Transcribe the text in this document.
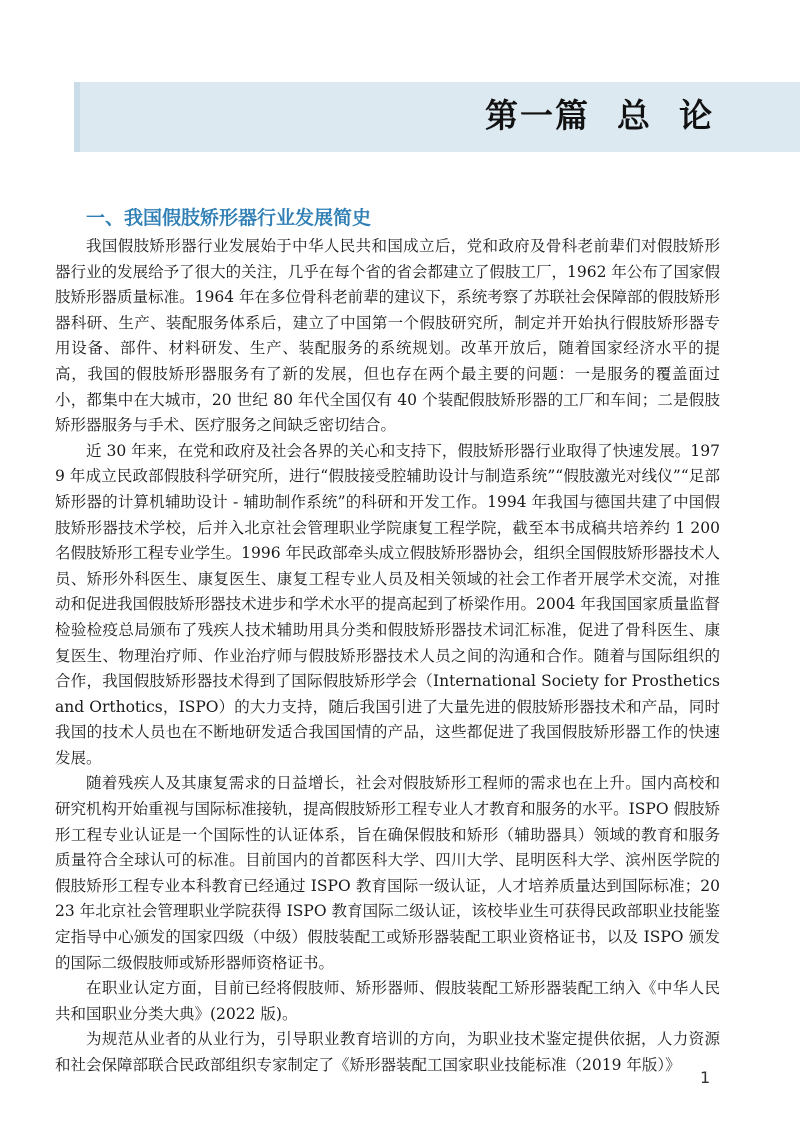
第一篇  总  论
一、我国假肢矫形器行业发展简史

我国假肢矫形器行业发展始于中华人民共和国成立后，党和政府及骨科老前辈们对假肢矫形器行业的发展给予了很大的关注，几乎在每个省的省会都建立了假肢工厂，1962 年公布了国家假肢矫形器质量标准。1964 年在多位骨科老前辈的建议下，系统考察了苏联社会保障部的假肢矫形器科研、生产、装配服务体系后，建立了中国第一个假肢研究所，制定并开始执行假肢矫形器专用设备、部件、材料研发、生产、装配服务的系统规划。改革开放后，随着国家经济水平的提高，我国的假肢矫形器服务有了新的发展，但也存在两个最主要的问题：一是服务的覆盖面过小，都集中在大城市，20 世纪 80 年代全国仅有 40 个装配假肢矫形器的工厂和车间；二是假肢矫形器服务与手术、医疗服务之间缺乏密切结合。

近 30 年来，在党和政府及社会各界的关心和支持下，假肢矫形器行业取得了快速发展。1979 年成立民政部假肢科学研究所，进行“假肢接受腔辅助设计与制造系统”“假肢激光对线仪”“足部矫形器的计算机辅助设计 - 辅助制作系统”的科研和开发工作。1994 年我国与德国共建了中国假肢矫形器技术学校，后并入北京社会管理职业学院康复工程学院，截至本书成稿共培养约 1 200 名假肢矫形工程专业学生。1996 年民政部牵头成立假肢矫形器协会，组织全国假肢矫形器技术人员、矫形外科医生、康复医生、康复工程专业人员及相关领域的社会工作者开展学术交流，对推动和促进我国假肢矫形器技术进步和学术水平的提高起到了桥梁作用。2004 年我国国家质量监督检验检疫总局颁布了残疾人技术辅助用具分类和假肢矫形器技术词汇标准，促进了骨科医生、康复医生、物理治疗师、作业治疗师与假肢矫形器技术人员之间的沟通和合作。随着与国际组织的合作，我国假肢矫形器技术得到了国际假肢矫形学会（International Society for Prosthetics and Orthotics，ISPO）的大力支持，随后我国引进了大量先进的假肢矫形器技术和产品，同时我国的技术人员也在不断地研发适合我国国情的产品，这些都促进了我国假肢矫形器工作的快速发展。

随着残疾人及其康复需求的日益增长，社会对假肢矫形工程师的需求也在上升。国内高校和研究机构开始重视与国际标准接轨，提高假肢矫形工程专业人才教育和服务的水平。ISPO 假肢矫形工程专业认证是一个国际性的认证体系，旨在确保假肢和矫形（辅助器具）领域的教育和服务质量符合全球认可的标准。目前国内的首都医科大学、四川大学、昆明医科大学、滨州医学院的假肢矫形工程专业本科教育已经通过 ISPO 教育国际一级认证，人才培养质量达到国际标准；2023 年北京社会管理职业学院获得 ISPO 教育国际二级认证，该校毕业生可获得民政部职业技能鉴定指导中心颁发的国家四级（中级）假肢装配工或矫形器装配工职业资格证书，以及 ISPO 颁发的国际二级假肢师或矫形器师资格证书。

在职业认定方面，目前已经将假肢师、矫形器师、假肢装配工矫形器装配工纳入《中华人民共和国职业分类大典》(2022 版)。

为规范从业者的从业行为，引导职业教育培训的方向，为职业技术鉴定提供依据，人力资源和社会保障部联合民政部组织专家制定了《矫形器装配工国家职业技能标准（2019 年版）》

1
